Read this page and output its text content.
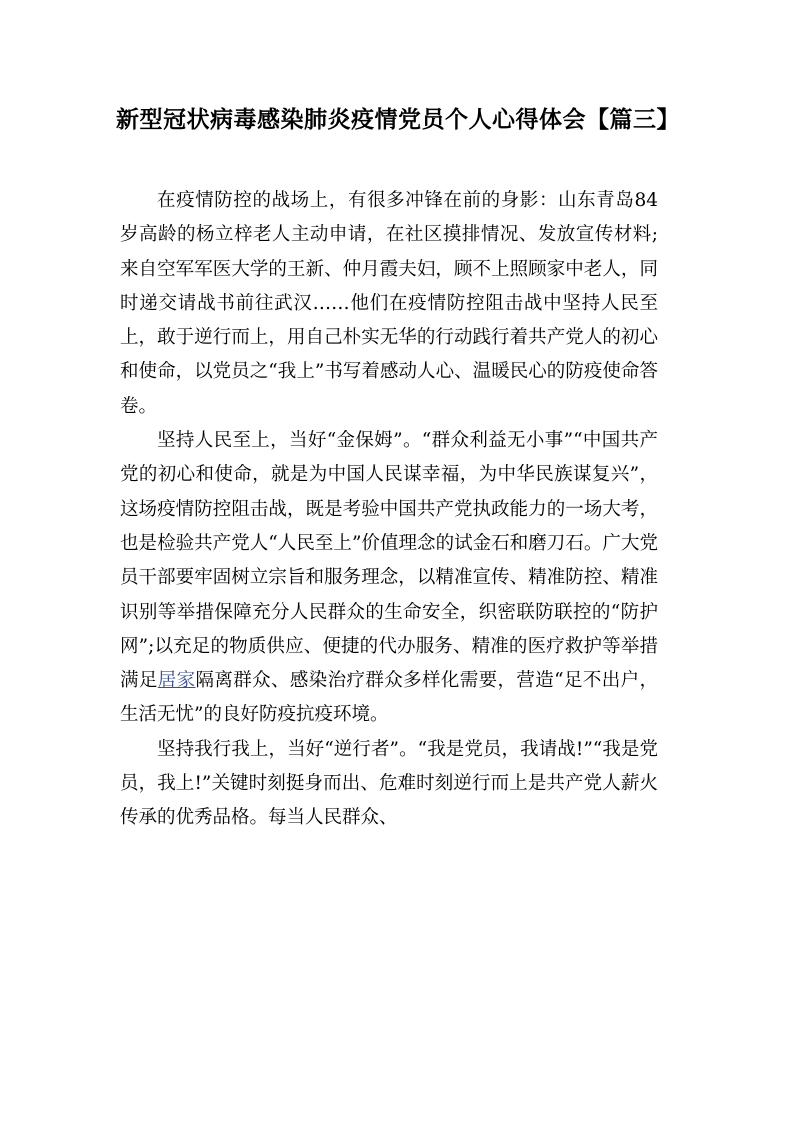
新型冠状病毒感染肺炎疫情党员个人心得体会【篇三】

在疫情防控的战场上，有很多冲锋在前的身影：山东青岛84岁高龄的杨立梓老人主动申请，在社区摸排情况、发放宣传材料;来自空军军医大学的王新、仲月霞夫妇，顾不上照顾家中老人，同时递交请战书前往武汉……他们在疫情防控阻击战中坚持人民至上，敢于逆行而上，用自己朴实无华的行动践行着共产党人的初心和使命，以党员之“我上”书写着感动人心、温暖民心的防疫使命答卷。

坚持人民至上，当好“金保姆”。“群众利益无小事”“中国共产党的初心和使命，就是为中国人民谋幸福，为中华民族谋复兴”，这场疫情防控阻击战，既是考验中国共产党执政能力的一场大考，也是检验共产党人“人民至上”价值理念的试金石和磨刀石。广大党员干部要牢固树立宗旨和服务理念，以精准宣传、精准防控、精准识别等举措保障充分人民群众的生命安全，织密联防联控的“防护网”;以充足的物质供应、便捷的代办服务、精准的医疗救护等举措满足居家隔离群众、感染治疗群众多样化需要，营造“足不出户，生活无忧”的良好防疫抗疫环境。

坚持我行我上，当好“逆行者”。“我是党员，我请战!”“我是党员，我上!”关键时刻挺身而出、危难时刻逆行而上是共产党人薪火传承的优秀品格。每当人民群众、
